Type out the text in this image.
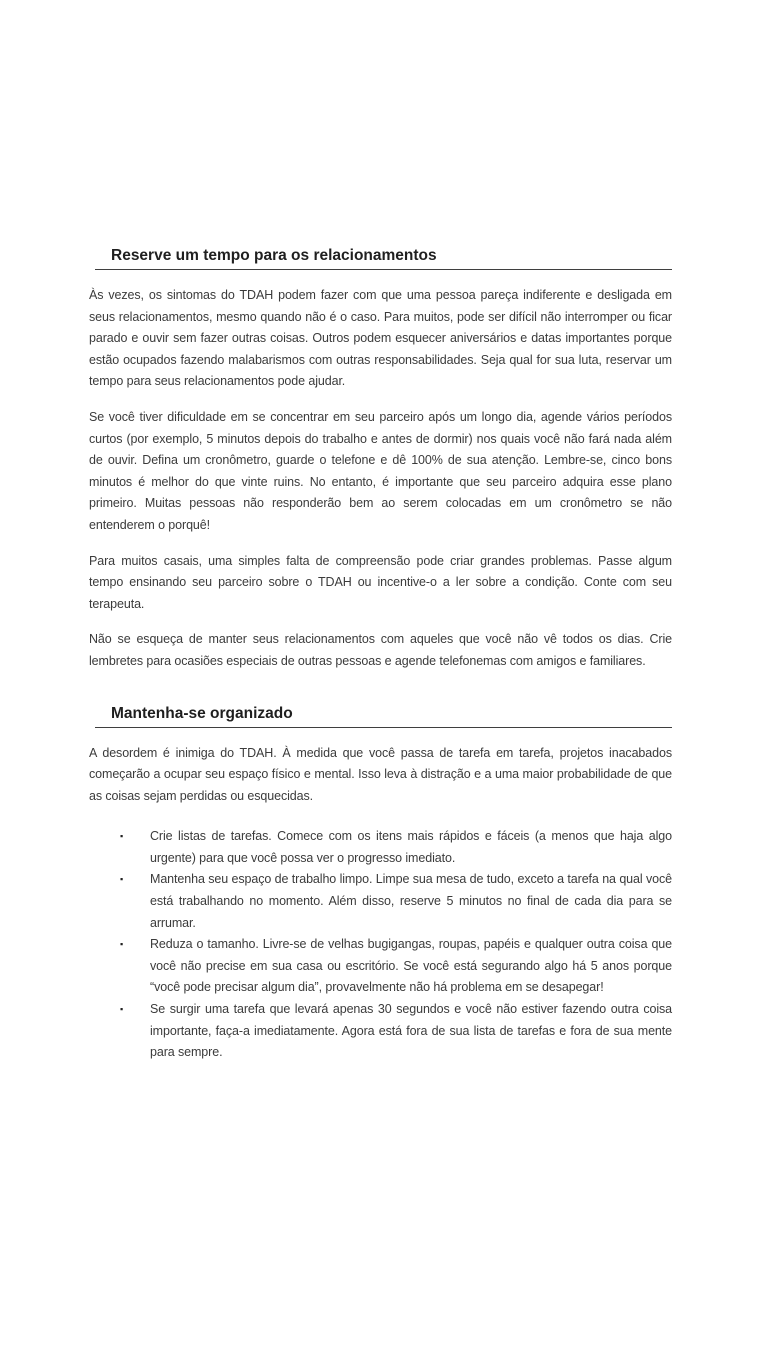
Reserve um tempo para os relacionamentos

Às vezes, os sintomas do TDAH podem fazer com que uma pessoa pareça indiferente e desligada em seus relacionamentos, mesmo quando não é o caso. Para muitos, pode ser difícil não interromper ou ficar parado e ouvir sem fazer outras coisas. Outros podem esquecer aniversários e datas importantes porque estão ocupados fazendo malabarismos com outras responsabilidades. Seja qual for sua luta, reservar um tempo para seus relacionamentos pode ajudar.

Se você tiver dificuldade em se concentrar em seu parceiro após um longo dia, agende vários períodos curtos (por exemplo, 5 minutos depois do trabalho e antes de dormir) nos quais você não fará nada além de ouvir. Defina um cronômetro, guarde o telefone e dê 100% de sua atenção. Lembre-se, cinco bons minutos é melhor do que vinte ruins. No entanto, é importante que seu parceiro adquira esse plano primeiro. Muitas pessoas não responderão bem ao serem colocadas em um cronômetro se não entenderem o porquê!

Para muitos casais, uma simples falta de compreensão pode criar grandes problemas. Passe algum tempo ensinando seu parceiro sobre o TDAH ou incentive-o a ler sobre a condição. Conte com seu terapeuta.

Não se esqueça de manter seus relacionamentos com aqueles que você não vê todos os dias. Crie lembretes para ocasiões especiais de outras pessoas e agende telefonemas com amigos e familiares.

Mantenha-se organizado

A desordem é inimiga do TDAH. À medida que você passa de tarefa em tarefa, projetos inacabados começarão a ocupar seu espaço físico e mental. Isso leva à distração e a uma maior probabilidade de que as coisas sejam perdidas ou esquecidas.

▪	Crie listas de tarefas. Comece com os itens mais rápidos e fáceis (a menos que haja algo urgente) para que você possa ver o progresso imediato.
▪	Mantenha seu espaço de trabalho limpo. Limpe sua mesa de tudo, exceto a tarefa na qual você está trabalhando no momento. Além disso, reserve 5 minutos no final de cada dia para se arrumar.
▪	Reduza o tamanho. Livre-se de velhas bugigangas, roupas, papéis e qualquer outra coisa que você não precise em sua casa ou escritório. Se você está segurando algo há 5 anos porque “você pode precisar algum dia”, provavelmente não há problema em se desapegar!
▪	Se surgir uma tarefa que levará apenas 30 segundos e você não estiver fazendo outra coisa importante, faça-a imediatamente. Agora está fora de sua lista de tarefas e fora de sua mente para sempre.
